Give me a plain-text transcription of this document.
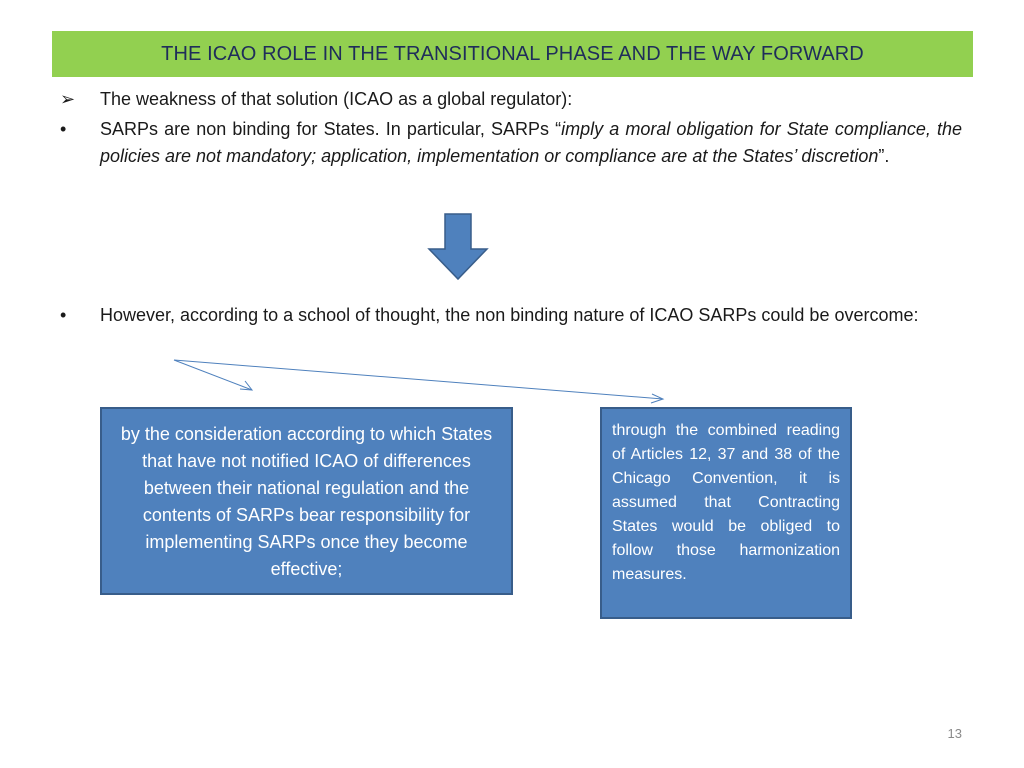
THE ICAO ROLE IN THE TRANSITIONAL PHASE AND THE WAY FORWARD
➢ The weakness of that solution (ICAO as a global regulator):
• SARPs are non binding for States. In particular, SARPs “imply a moral obligation for State compliance, the policies are not mandatory; application, implementation or compliance are at the States’ discretion”.
• However, according to a school of thought, the non binding nature of ICAO SARPs could be overcome:
by the consideration according to which States that have not notified ICAO of differences between their national regulation and the contents of SARPs bear responsibility for implementing SARPs once they become effective;
through the combined reading of Articles 12, 37 and 38 of the Chicago Convention, it is assumed that Contracting States would be obliged to follow those harmonization measures.
13
